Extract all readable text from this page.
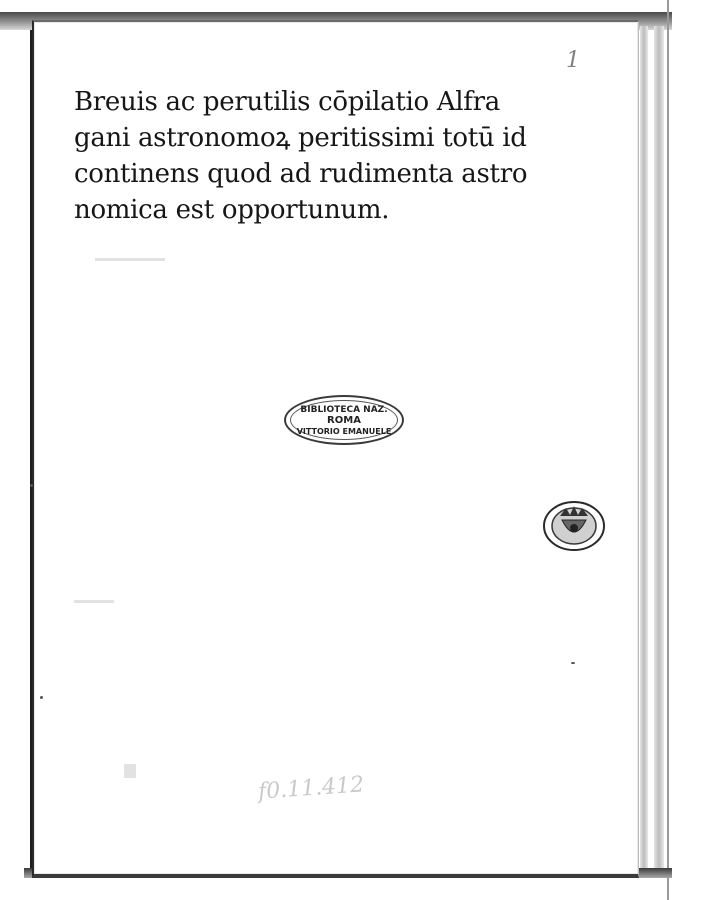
1
Breuis ac perutilis cōpilatio Alfra
gani astronomoꝝ peritissimi totū id
continens quod ad rudimenta astro
nomica est opportunum.
BIBLIOTECA NAZ.
ROMA
VITTORIO EMANUELE
f0.11.412
